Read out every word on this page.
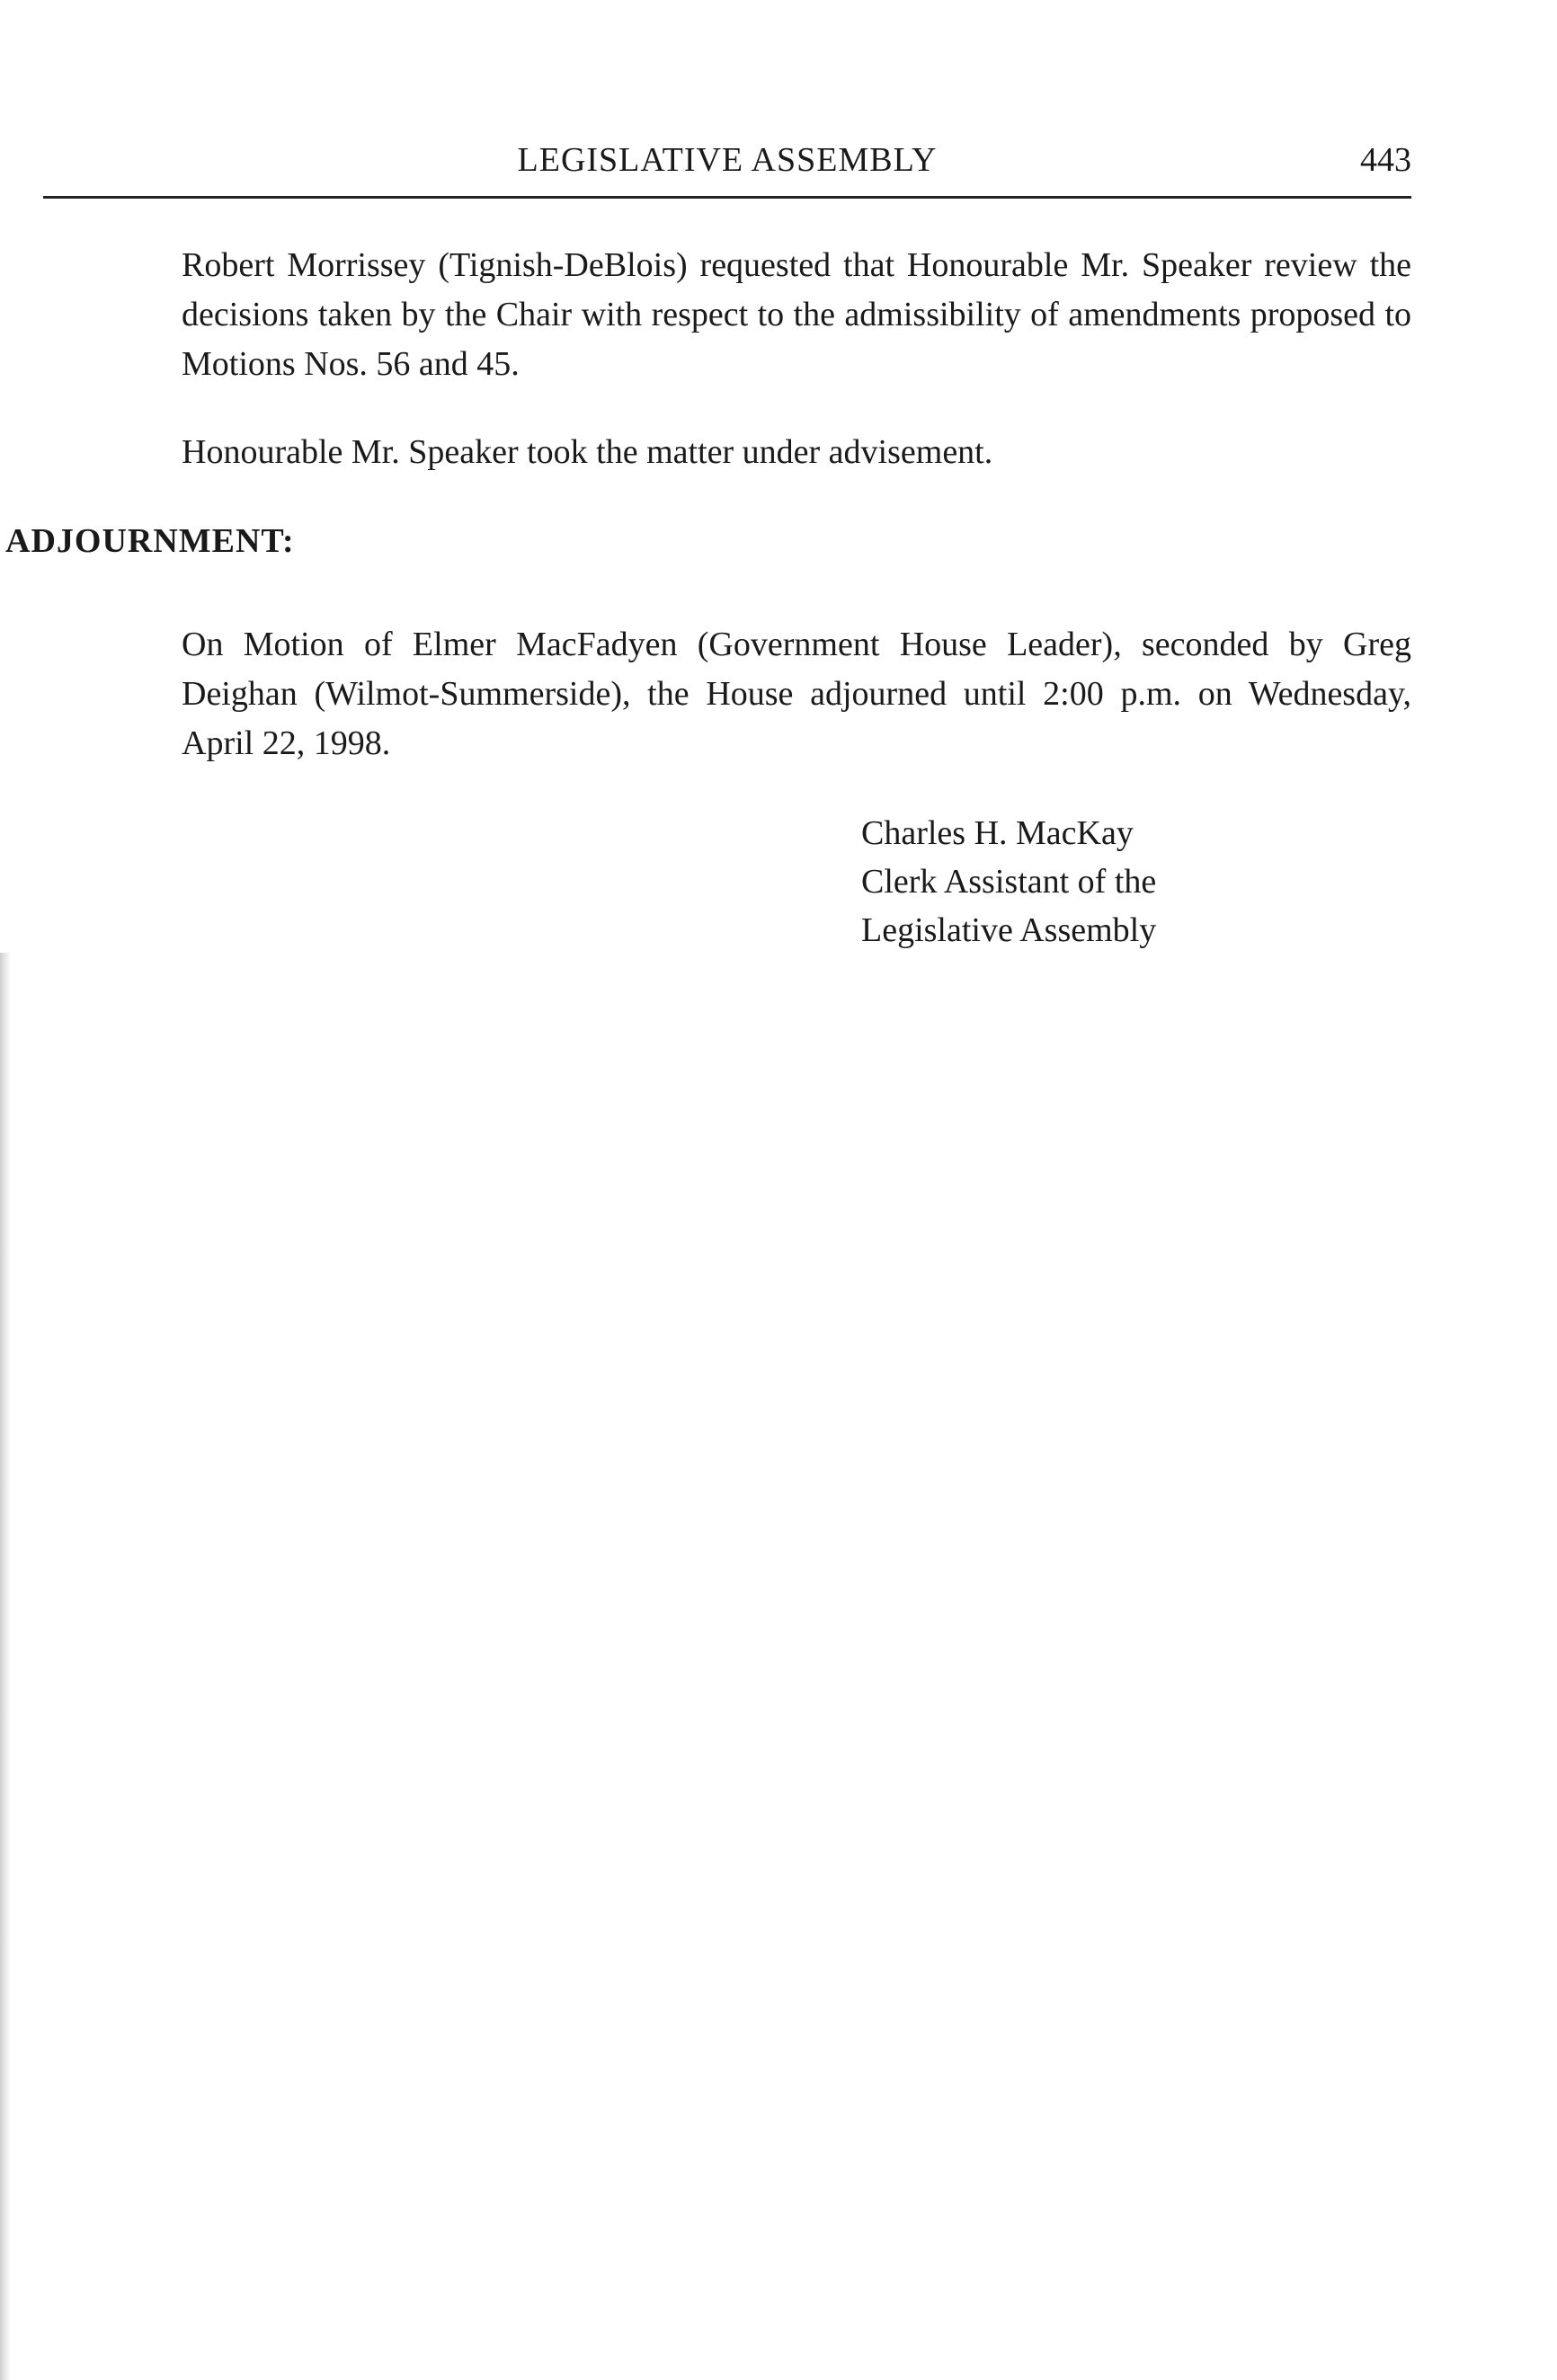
LEGISLATIVE ASSEMBLY	443

Robert Morrissey (Tignish-DeBlois) requested that Honourable Mr. Speaker review the decisions taken by the Chair with respect to the admissibility of amendments proposed to Motions Nos. 56 and 45.

Honourable Mr. Speaker took the matter under advisement.

ADJOURNMENT:

On Motion of Elmer MacFadyen (Government House Leader), seconded by Greg Deighan (Wilmot-Summerside), the House adjourned until 2:00 p.m. on Wednesday, April 22, 1998.

Charles H. MacKay
Clerk Assistant of the
Legislative Assembly
